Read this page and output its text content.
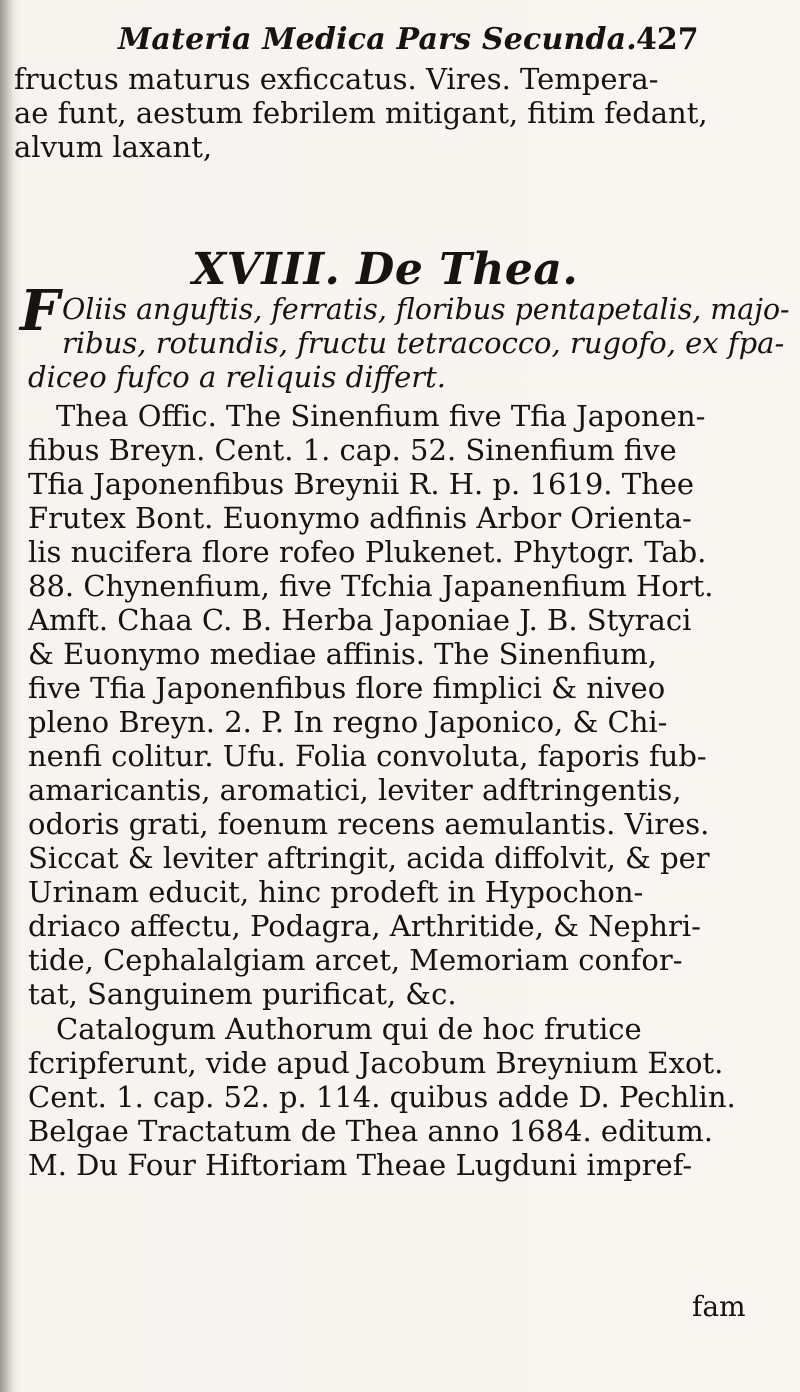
Materia Medica Pars Secunda. 427
fructus maturus exficcatus. Vires. Tempera-
ae funt, aestum febrilem mitigant, fitim fedant,
alvum laxant,
XVIII. De Thea.
F Oliis anguftis, ferratis, floribus pentapetalis, majo-
ribus, rotundis, fructu tetracocco, rugofo, ex fpa-
diceo fufco a reliquis differt.
Thea Offic. The Sinenfium five Tfia Japonen-
fibus Breyn. Cent. 1. cap. 52. Sinenfium five
Tfia Japonenfibus Breynii R. H. p. 1619. Thee
Frutex Bont. Euonymo adfinis Arbor Orienta-
lis nucifera flore rofeo Plukenet. Phytogr. Tab.
88. Chynenfium, five Tfchia Japanenfium Hort.
Amft. Chaa C. B. Herba Japoniae J. B. Styraci
& Euonymo mediae affinis. The Sinenfium,
five Tfia Japonenfibus flore fimplici & niveo
pleno Breyn. 2. P. In regno Japonico, & Chi-
nenfi colitur. Ufu. Folia convoluta, faporis fub-
amaricantis, aromatici, leviter adftringentis,
odoris grati, foenum recens aemulantis. Vires.
Siccat & leviter aftringit, acida diffolvit, & per
Urinam educit, hinc prodeft in Hypochon-
driaco affectu, Podagra, Arthritide, & Nephri-
tide, Cephalalgiam arcet, Memoriam confor-
tat, Sanguinem purificat, &c.
Catalogum Authorum qui de hoc frutice
fcripferunt, vide apud Jacobum Breynium Exot.
Cent. 1. cap. 52. p. 114. quibus adde D. Pechlin.
Belgae Tractatum de Thea anno 1684. editum.
M. Du Four Hiftoriam Theae Lugduni impref-
fam
